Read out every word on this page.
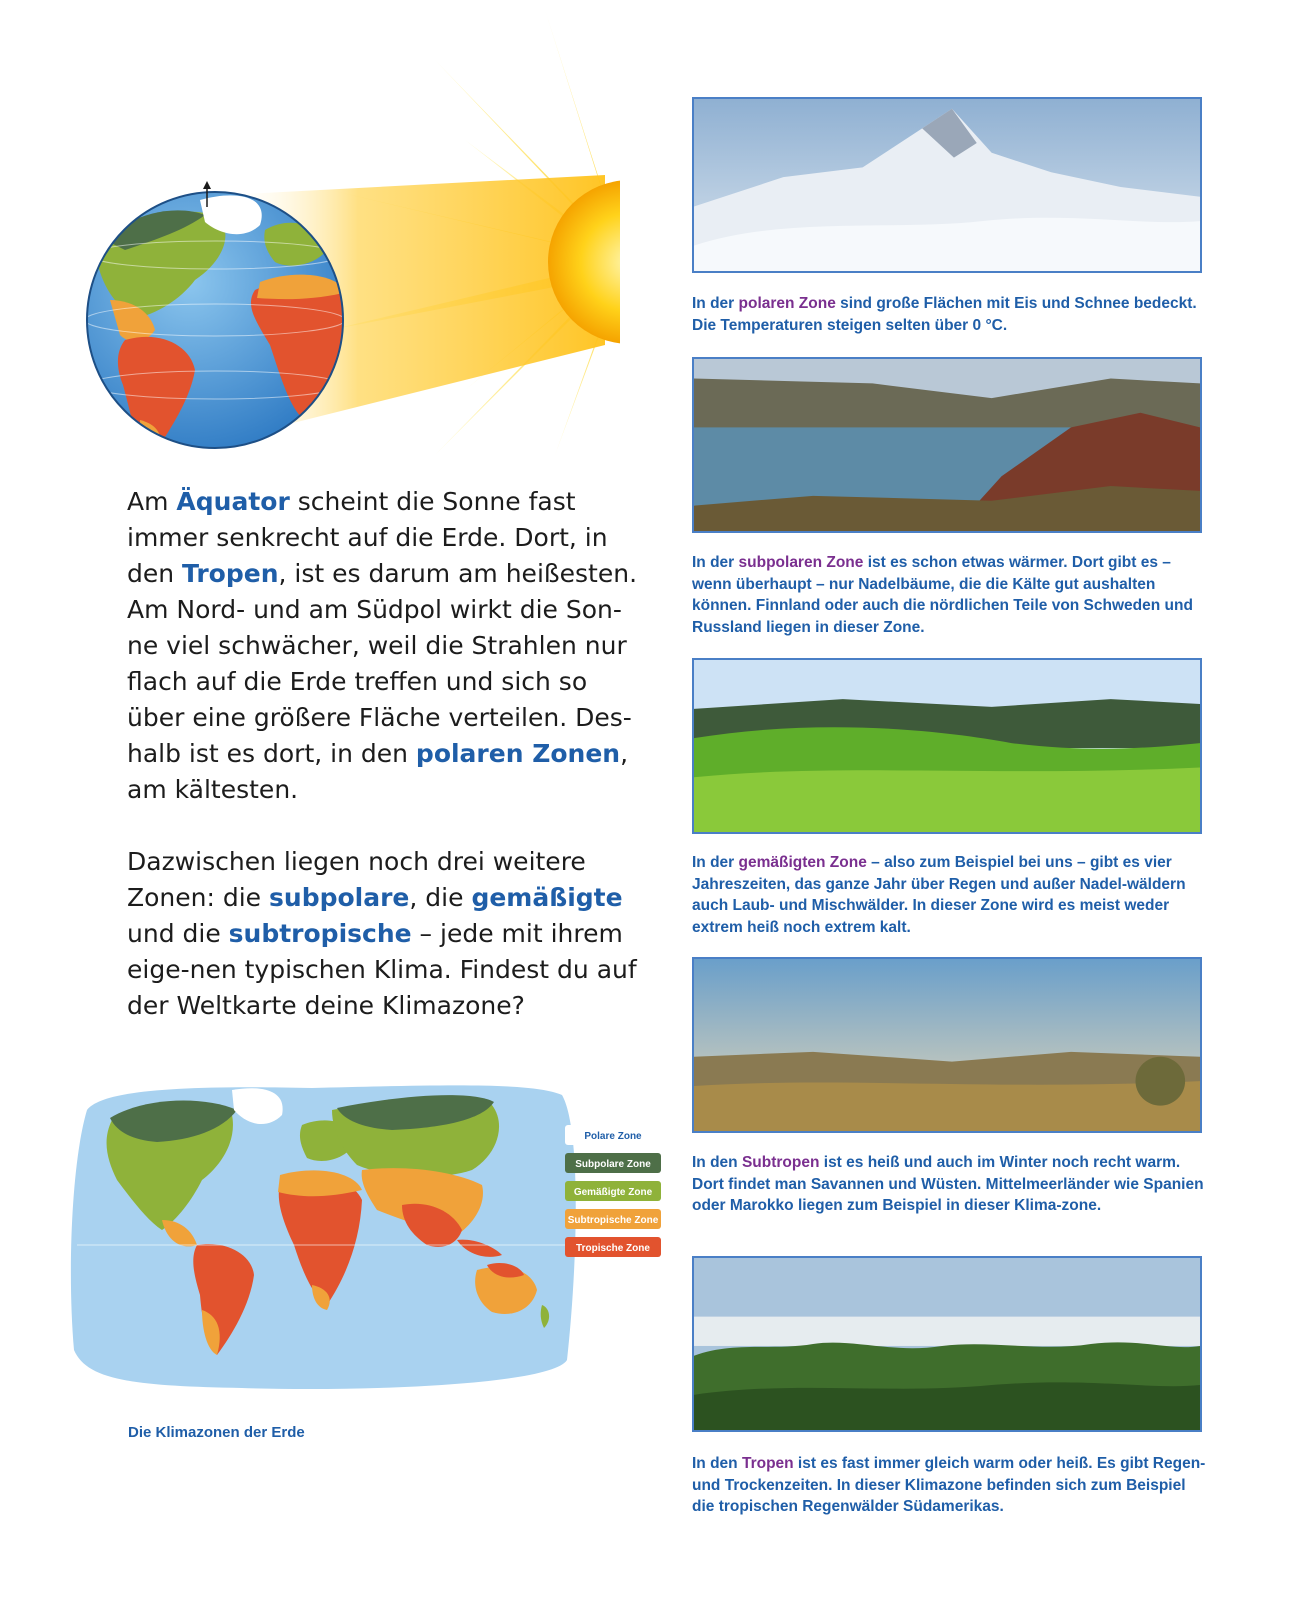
Am Äquator scheint die Sonne fast immer senkrecht auf die Erde. Dort, in den Tropen, ist es darum am heißesten. Am Nord- und am Südpol wirkt die Son-ne viel schwächer, weil die Strahlen nur flach auf die Erde treffen und sich so über eine größere Fläche verteilen. Des-halb ist es dort, in den polaren Zonen, am kältesten.

Dazwischen liegen noch drei weitere Zonen: die subpolare, die gemäßigte und die subtropische – jede mit ihrem eige-nen typischen Klima. Findest du auf der Weltkarte deine Klimazone?

Polare Zone
Subpolare Zone
Gemäßigte Zone
Subtropische Zone
Tropische Zone
Die Klimazonen der Erde
In der polaren Zone sind große Flächen mit Eis und Schnee bedeckt. Die Temperaturen steigen selten über 0 °C.
In der subpolaren Zone ist es schon etwas wärmer. Dort gibt es – wenn überhaupt – nur Nadelbäume, die die Kälte gut aushalten können. Finnland oder auch die nördlichen Teile von Schweden und Russland liegen in dieser Zone.
In der gemäßigten Zone – also zum Beispiel bei uns – gibt es vier Jahreszeiten, das ganze Jahr über Regen und außer Nadel-wäldern auch Laub- und Mischwälder. In dieser Zone wird es meist weder extrem heiß noch extrem kalt.
In den Subtropen ist es heiß und auch im Winter noch recht warm. Dort findet man Savannen und Wüsten. Mittelmeerländer wie Spanien oder Marokko liegen zum Beispiel in dieser Klima-zone.
In den Tropen ist es fast immer gleich warm oder heiß. Es gibt Regen- und Trockenzeiten. In dieser Klimazone befinden sich zum Beispiel die tropischen Regenwälder Südamerikas.
